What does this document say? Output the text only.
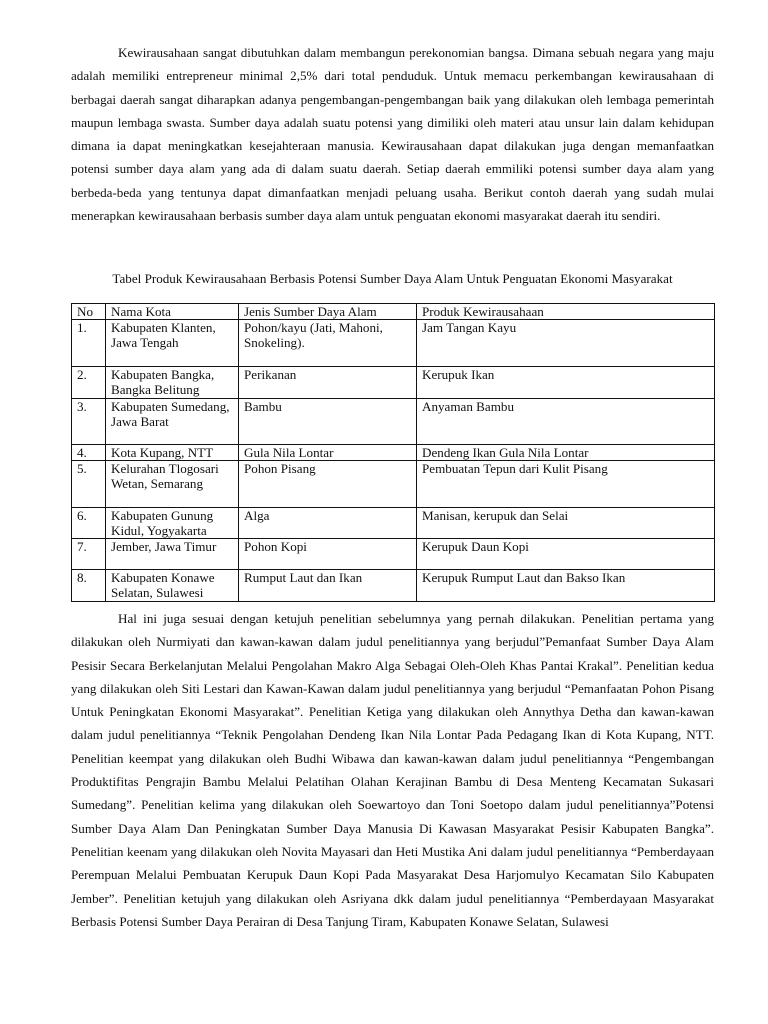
Kewirausahaan sangat dibutuhkan dalam membangun perekonomian bangsa. Dimana sebuah negara yang maju adalah memiliki entrepreneur minimal 2,5% dari total penduduk. Untuk memacu perkembangan kewirausahaan di berbagai daerah sangat diharapkan adanya pengembangan-pengembangan baik yang dilakukan oleh lembaga pemerintah maupun lembaga swasta. Sumber daya adalah suatu potensi yang dimiliki oleh materi atau unsur lain dalam kehidupan dimana ia dapat meningkatkan kesejahteraan manusia. Kewirausahaan dapat dilakukan juga dengan memanfaatkan potensi sumber daya alam yang ada di dalam suatu daerah. Setiap daerah emmiliki potensi sumber daya alam yang berbeda-beda yang tentunya dapat dimanfaatkan menjadi peluang usaha. Berikut contoh daerah yang sudah mulai menerapkan kewirausahaan berbasis sumber daya alam untuk penguatan ekonomi masyarakat daerah itu sendiri.

Tabel Produk Kewirausahaan Berbasis Potensi Sumber Daya Alam Untuk Penguatan Ekonomi Masyarakat

No	Nama Kota	Jenis Sumber Daya Alam	Produk Kewirausahaan
1.	Kabupaten Klanten, Jawa Tengah	Pohon/kayu (Jati, Mahoni, Snokeling).	Jam Tangan Kayu
2.	Kabupaten Bangka, Bangka Belitung	Perikanan	Kerupuk Ikan
3.	Kabupaten Sumedang, Jawa Barat	Bambu	Anyaman Bambu
4.	Kota Kupang, NTT	Gula Nila Lontar	Dendeng Ikan Gula Nila Lontar
5.	Kelurahan Tlogosari Wetan, Semarang	Pohon Pisang	Pembuatan Tepun dari Kulit Pisang
6.	Kabupaten Gunung Kidul, Yogyakarta	Alga	Manisan, kerupuk dan Selai
7.	Jember, Jawa Timur	Pohon Kopi	Kerupuk Daun Kopi
8.	Kabupaten Konawe Selatan, Sulawesi	Rumput Laut dan Ikan	Kerupuk Rumput Laut dan Bakso Ikan

Hal ini juga sesuai dengan ketujuh penelitian sebelumnya yang pernah dilakukan. Penelitian pertama yang dilakukan oleh Nurmiyati dan kawan-kawan dalam judul penelitiannya yang berjudul”Pemanfaat Sumber Daya Alam Pesisir Secara Berkelanjutan Melalui Pengolahan Makro Alga Sebagai Oleh-Oleh Khas Pantai Krakal”. Penelitian kedua yang dilakukan oleh Siti Lestari dan Kawan-Kawan dalam judul penelitiannya yang berjudul “Pemanfaatan Pohon Pisang Untuk Peningkatan Ekonomi Masyarakat”. Penelitian Ketiga yang dilakukan oleh Annythya Detha dan kawan-kawan dalam judul penelitiannya “Teknik Pengolahan Dendeng Ikan Nila Lontar Pada Pedagang Ikan di Kota Kupang, NTT. Penelitian keempat yang dilakukan oleh Budhi Wibawa dan kawan-kawan dalam judul penelitiannya “Pengembangan Produktifitas Pengrajin Bambu Melalui Pelatihan Olahan Kerajinan Bambu di Desa Menteng Kecamatan Sukasari Sumedang”. Penelitian kelima yang dilakukan oleh Soewartoyo dan Toni Soetopo dalam judul penelitiannya”Potensi Sumber Daya Alam Dan Peningkatan Sumber Daya Manusia Di Kawasan Masyarakat Pesisir Kabupaten Bangka”. Penelitian keenam yang dilakukan oleh Novita Mayasari dan Heti Mustika Ani dalam judul penelitiannya “Pemberdayaan Perempuan Melalui Pembuatan Kerupuk Daun Kopi Pada Masyarakat Desa Harjomulyo Kecamatan Silo Kabupaten Jember”. Penelitian ketujuh yang dilakukan oleh Asriyana dkk dalam judul penelitiannya “Pemberdayaan Masyarakat Berbasis Potensi Sumber Daya Perairan di Desa Tanjung Tiram, Kabupaten Konawe Selatan, Sulawesi
